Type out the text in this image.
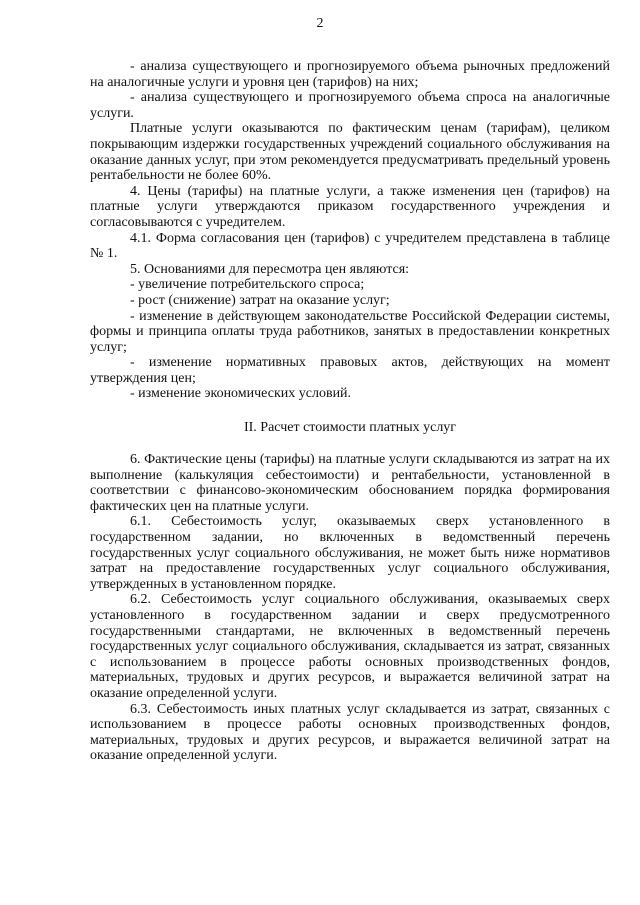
2

- анализа существующего и прогнозируемого объема рыночных предложений на аналогичные услуги и уровня цен (тарифов) на них;

- анализа существующего и прогнозируемого объема спроса на аналогичные услуги.

Платные услуги оказываются по фактическим ценам (тарифам), целиком покрывающим издержки государственных учреждений социального обслуживания на оказание данных услуг, при этом рекомендуется предусматривать предельный уровень рентабельности не более 60%.

4. Цены (тарифы) на платные услуги, а также изменения цен (тарифов) на платные услуги утверждаются приказом государственного учреждения и согласовываются с учредителем.

4.1. Форма согласования цен (тарифов) с учредителем представлена в таблице № 1.

5. Основаниями для пересмотра цен являются:

- увеличение потребительского спроса;

- рост (снижение) затрат на оказание услуг;

- изменение в действующем законодательстве Российской Федерации системы, формы и принципа оплаты труда работников, занятых в предоставлении конкретных услуг;

- изменение нормативных правовых актов, действующих на момент утверждения цен;

- изменение экономических условий.

II. Расчет стоимости платных услуг

6. Фактические цены (тарифы) на платные услуги складываются из затрат на их выполнение (калькуляция себестоимости) и рентабельности, установленной в соответствии с финансово-экономическим обоснованием порядка формирования фактических цен на платные услуги.

6.1. Себестоимость услуг, оказываемых сверх установленного в государственном задании, но включенных в ведомственный перечень государственных услуг социального обслуживания, не может быть ниже нормативов затрат на предоставление государственных услуг социального обслуживания, утвержденных в установленном порядке.

6.2. Себестоимость услуг социального обслуживания, оказываемых сверх установленного в государственном задании и сверх предусмотренного государственными стандартами, не включенных в ведомственный перечень государственных услуг социального обслуживания, складывается из затрат, связанных с использованием в процессе работы основных производственных фондов, материальных, трудовых и других ресурсов, и выражается величиной затрат на оказание определенной услуги.

6.3. Себестоимость иных платных услуг складывается из затрат, связанных с использованием в процессе работы основных производственных фондов, материальных, трудовых и других ресурсов, и выражается величиной затрат на оказание определенной услуги.
